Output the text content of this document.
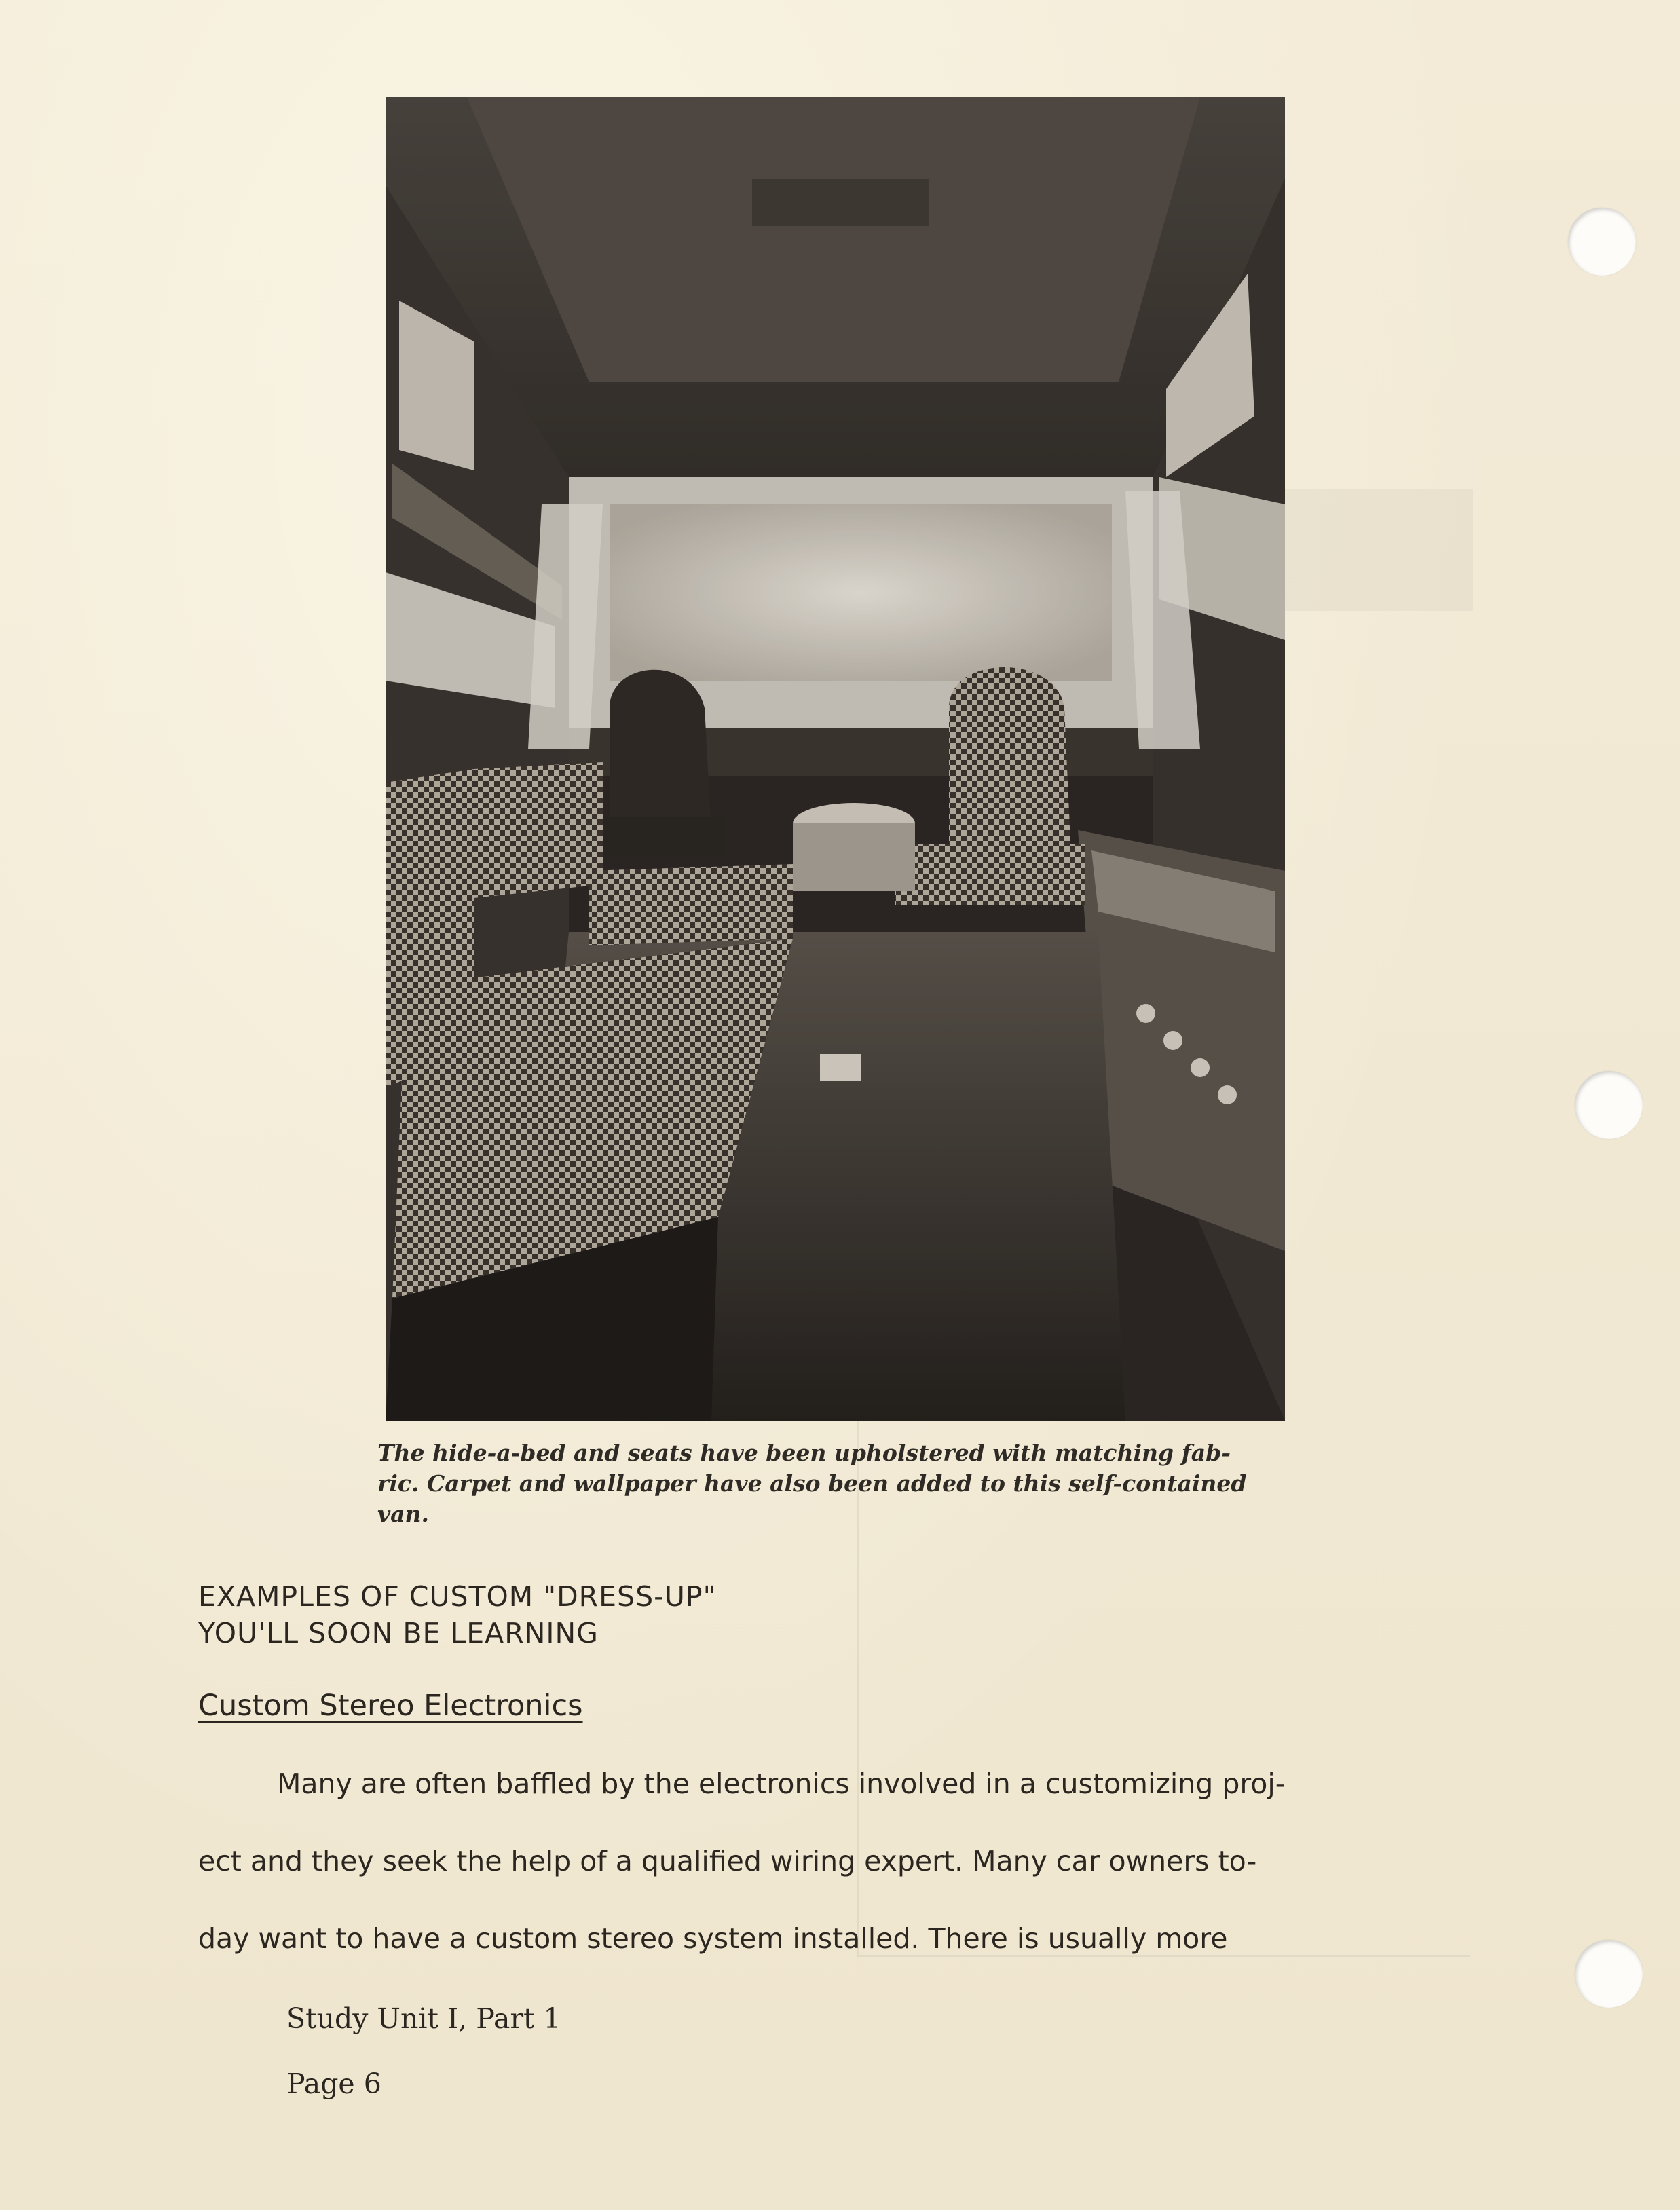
The hide-a-bed and seats have been upholstered with matching fab-
ric. Carpet and wallpaper have also been added to this self-contained
van.
EXAMPLES OF CUSTOM "DRESS-UP"
YOU'LL SOON BE LEARNING
Custom Stereo Electronics
Many are often baffled by the electronics involved in a customizing proj-
ect and they seek the help of a qualified wiring expert. Many car owners to-
day want to have a custom stereo system installed. There is usually more
Study Unit I, Part 1
Page 6
